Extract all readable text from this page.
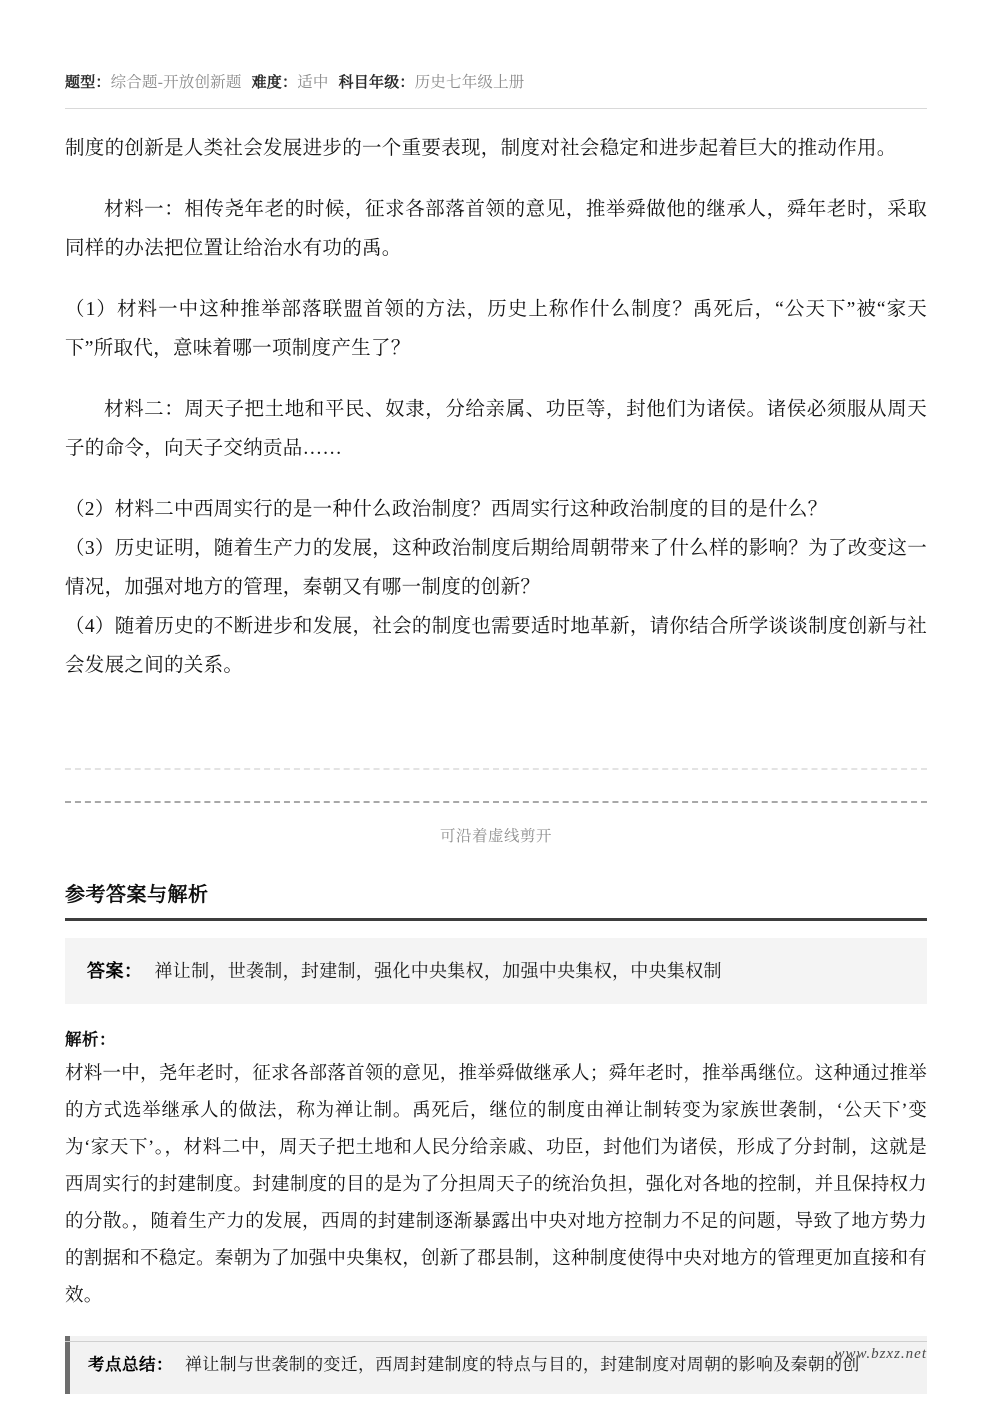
题型：综合题-开放创新题 难度：适中 科目年级：历史七年级上册

制度的创新是人类社会发展进步的一个重要表现，制度对社会稳定和进步起着巨大的推动作用。

材料一：相传尧年老的时候，征求各部落首领的意见，推举舜做他的继承人，舜年老时，采取同样的办法把位置让给治水有功的禹。

（1）材料一中这种推举部落联盟首领的方法，历史上称作什么制度？禹死后，“公天下”被“家天下”所取代，意味着哪一项制度产生了？

材料二：周天子把土地和平民、奴隶，分给亲属、功臣等，封他们为诸侯。诸侯必须服从周天子的命令，向天子交纳贡品……

（2）材料二中西周实行的是一种什么政治制度？西周实行这种政治制度的目的是什么？

（3）历史证明，随着生产力的发展，这种政治制度后期给周朝带来了什么样的影响？为了改变这一情况，加强对地方的管理，秦朝又有哪一制度的创新？

（4）随着历史的不断进步和发展，社会的制度也需要适时地革新，请你结合所学谈谈制度创新与社会发展之间的关系。

可沿着虚线剪开
参考答案与解析
答案： 禅让制，世袭制，封建制，强化中央集权，加强中央集权，中央集权制
解析：
材料一中，尧年老时，征求各部落首领的意见，推举舜做继承人；舜年老时，推举禹继位。这种通过推举的方式选举继承人的做法，称为禅让制。禹死后，继位的制度由禅让制转变为家族世袭制，‘公天下’变为‘家天下’。，材料二中，周天子把土地和人民分给亲戚、功臣，封他们为诸侯，形成了分封制，这就是西周实行的封建制度。封建制度的目的是为了分担周天子的统治负担，强化对各地的控制，并且保持权力的分散。，随着生产力的发展，西周的封建制逐渐暴露出中央对地方控制力不足的问题，导致了地方势力的割据和不稳定。秦朝为了加强中央集权，创新了郡县制，这种制度使得中央对地方的管理更加直接和有效。
考点总结： 禅让制与世袭制的变迁，西周封建制度的特点与目的，封建制度对周朝的影响及秦朝的创
www.bzxz.net
